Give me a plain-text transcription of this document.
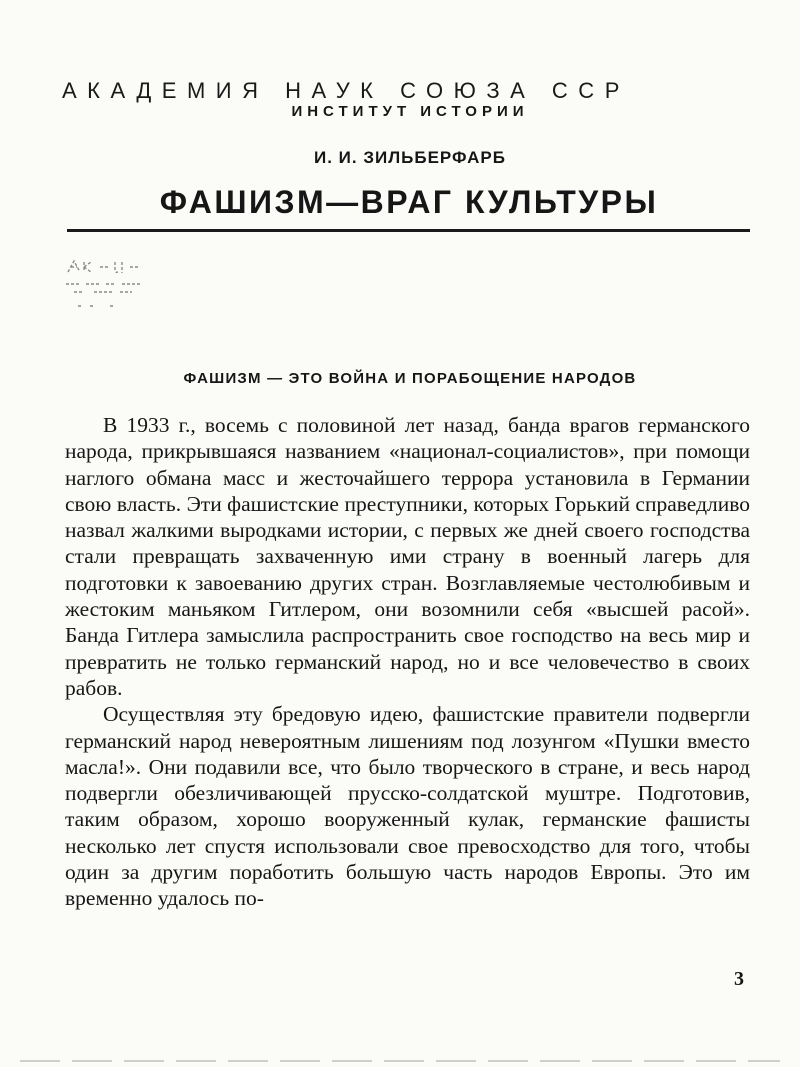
АКАДЕМИЯ НАУК СОЮЗА ССР
ИНСТИТУТ ИСТОРИИ
И. И. ЗИЛЬБЕРФАРБ
ФАШИЗМ—ВРАГ КУЛЬТУРЫ
ФАШИЗМ — ЭТО ВОЙНА И ПОРАБОЩЕНИЕ НАРОДОВ

В 1933 г., восемь с половиной лет назад, банда врагов германского народа, прикрывшаяся названием «национал-социалистов», при помощи наглого обмана масс и жесточайшего террора установила в Германии свою власть. Эти фашистские преступники, которых Горький справедливо назвал жалкими выродками истории, с первых же дней своего господства стали превращать захваченную ими страну в военный лагерь для подготовки к завоеванию других стран. Возглавляемые честолюбивым и жестоким маньяком Гитлером, они возомнили себя «высшей расой». Банда Гитлера замыслила распространить свое господство на весь мир и превратить не только германский народ, но и все человечество в своих рабов.

Осуществляя эту бредовую идею, фашистские правители подвергли германский народ невероятным лишениям под лозунгом «Пушки вместо масла!». Они подавили все, что было творческого в стране, и весь народ подвергли обезличивающей прусско-солдатской муштре. Подготовив, таким образом, хорошо вооруженный кулак, германские фашисты несколько лет спустя использовали свое превосходство для того, чтобы один за другим поработить большую часть народов Европы. Это им временно удалось по-

3
